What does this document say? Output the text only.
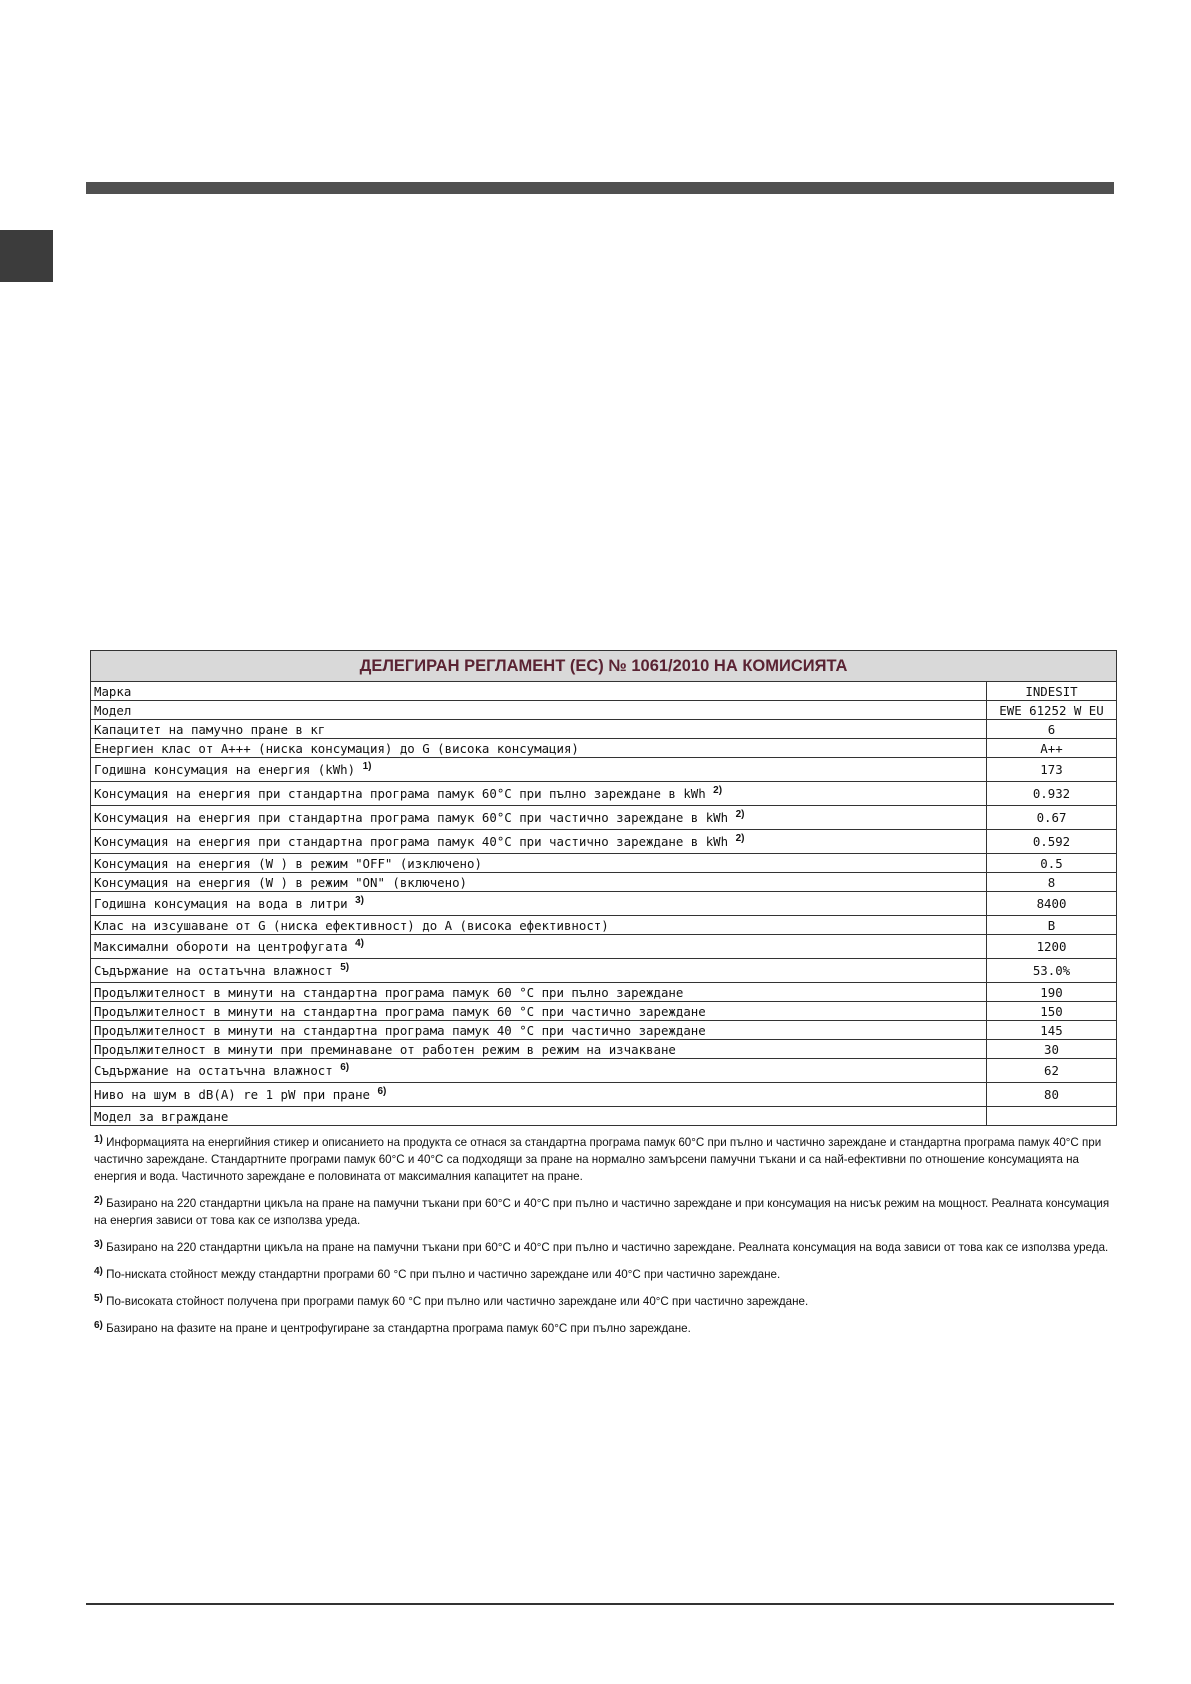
ДЕЛЕГИРАН РЕГЛАМЕНТ (ЕС) № 1061/2010 НА КОМИСИЯТА	
Марка	INDESIT
Модел	EWE 61252 W EU
Капацитет на памучно пране в кг	6
Енергиен клас от A+++ (ниска консумация) до G (висока консумация)	A++
Годишна консумация на енергия (kWh) $^{1)}$	173
Консумация на енергия при стандартна програма памук 60°C при пълно зареждане в kWh $^{2)}$	0.932
Консумация на енергия при стандартна програма памук 60°C при частично зареждане в kWh $^{2)}$	0.67
Консумация на енергия при стандартна програма памук 40°C при частично зареждане в kWh $^{2)}$	0.592
Консумация на енергия (W ) в режим "OFF" (изключено)	0.5
Консумация на енергия (W ) в режим "ON" (включено)	8
Годишна консумация на вода в литри $^{3)}$	8400
Клас на изсушаване от G (ниска ефективност) до A (висока ефективност)	B
Максимални обороти на центрофугата $^{4)}$	1200
Съдържание на остатъчна влажност $^{5)}$	53.0%
Продължителност в минути на стандартна програма памук 60 °C при пълно зареждане	190
Продължителност в минути на стандартна програма памук 60 °C при частично зареждане	150
Продължителност в минути на стандартна програма памук 40 °C при частично зареждане	145
Продължителност в минути при преминаване от работен режим в режим на изчакване	30
Съдържание на остатъчна влажност $^{6)}$	62
Ниво на шум в dB(A) re 1 pW при пране $^{6)}$	80
Модел за вграждане	

1) Информацията на енергийния стикер и описанието на продукта се отнася за стандартна програма памук 60°C при пълно и частично зареждане и стандартна програма памук 40°C при частично зареждане. Стандартните програми памук 60°C и 40°C са подходящи за пране на нормално замърсени памучни тъкани и са най-ефективни по отношение консумацията на енергия и вода. Частичното зареждане е половината от максималния капацитет на пране.

2) Базирано на 220 стандартни цикъла на пране на памучни тъкани при 60°C и 40°C при пълно и частично зареждане и при консумация на нисък режим на мощност. Реалната консумация на енергия зависи от това как се използва уреда.

3) Базирано на 220 стандартни цикъла на пране на памучни тъкани при 60°C и 40°C при пълно и частично зареждане. Реалната консумация на вода зависи от това как се използва уреда.

4) По-ниската стойност между стандартни програми 60 °C при пълно и частично зареждане или 40°C при частично зареждане.

5) По-високата стойност получена при програми памук 60 °C при пълно или частично зареждане или 40°C при частично зареждане.

6) Базирано на фазите на пране и центрофугиране за стандартна програма памук 60°C при пълно зареждане.
